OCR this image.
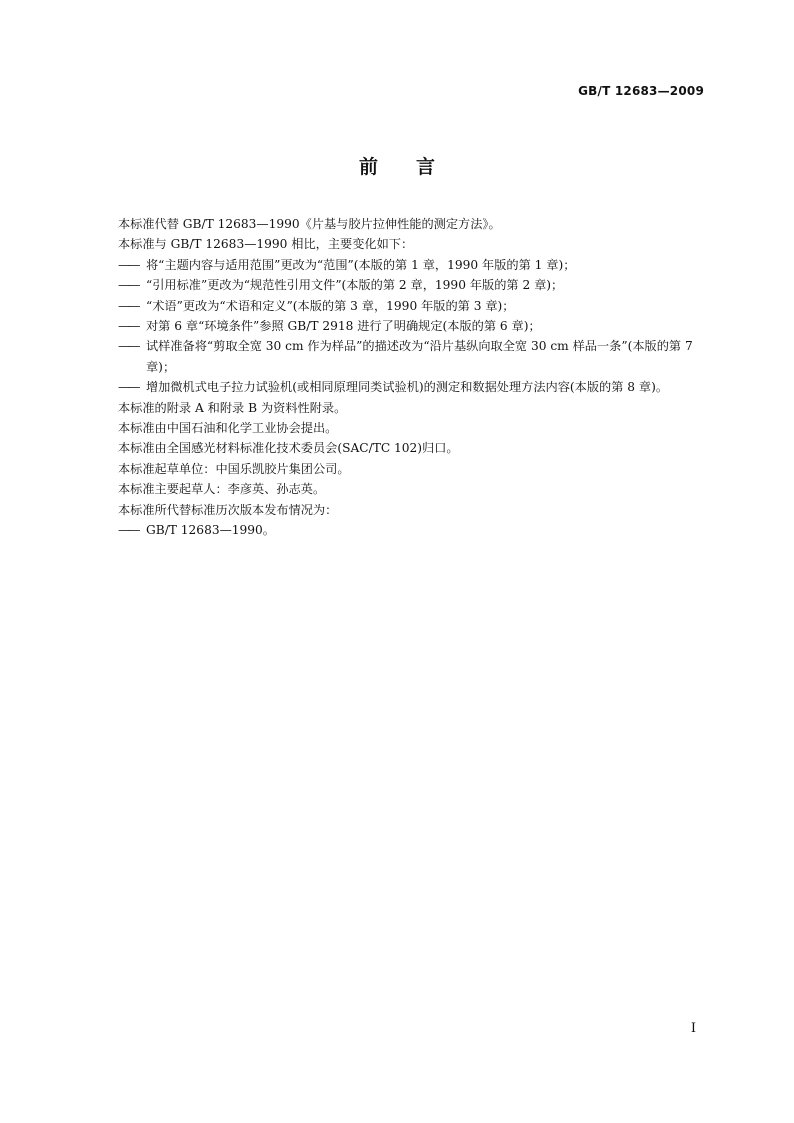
GB/T 12683—2009
前 言

本标准代替 GB/T 12683—1990《片基与胶片拉伸性能的测定方法》。

本标准与 GB/T 12683—1990 相比，主要变化如下：

—— 将“主题内容与适用范围”更改为“范围”(本版的第 1 章，1990 年版的第 1 章)；

—— “引用标准”更改为“规范性引用文件”(本版的第 2 章，1990 年版的第 2 章)；

—— “术语”更改为“术语和定义”(本版的第 3 章，1990 年版的第 3 章)；

—— 对第 6 章“环境条件”参照 GB/T 2918 进行了明确规定(本版的第 6 章)；

—— 试样准备将“剪取全宽 30 cm 作为样品”的描述改为“沿片基纵向取全宽 30 cm 样品一条”(本版的第 7 章)；

—— 增加微机式电子拉力试验机(或相同原理同类试验机)的测定和数据处理方法内容(本版的第 8 章)。

本标准的附录 A 和附录 B 为资料性附录。

本标准由中国石油和化学工业协会提出。

本标准由全国感光材料标准化技术委员会(SAC/TC 102)归口。

本标准起草单位：中国乐凯胶片集团公司。

本标准主要起草人：李彦英、孙志英。

本标准所代替标准历次版本发布情况为：

—— GB/T 12683—1990。

I
